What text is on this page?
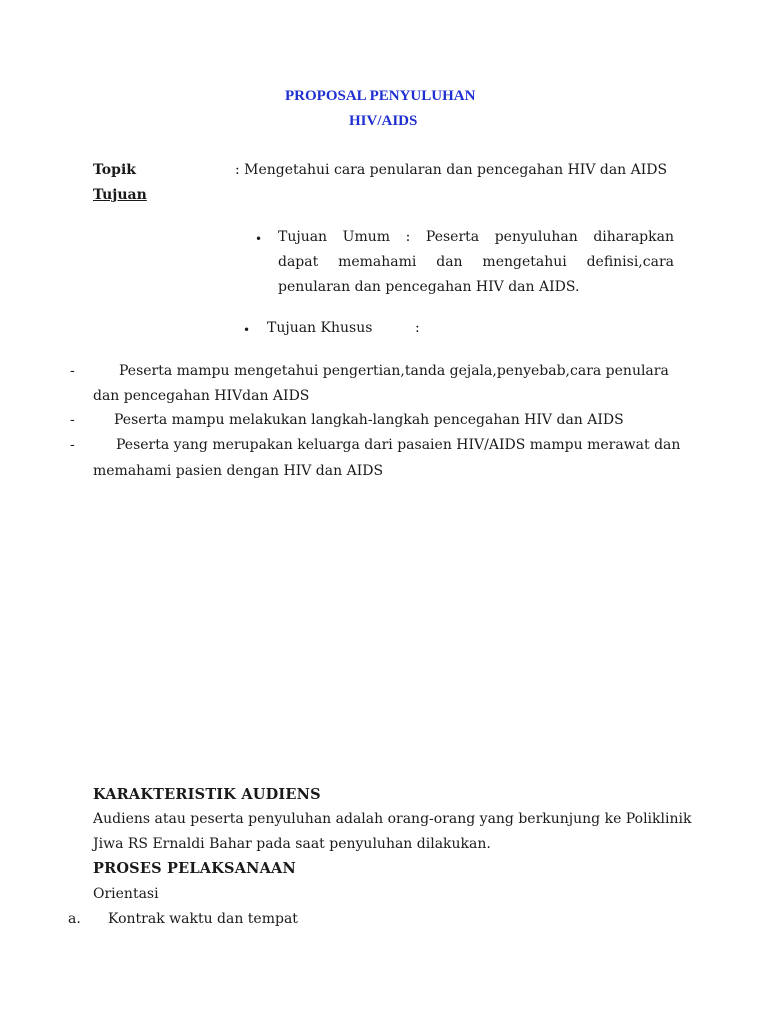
PROPOSAL PENYULUHAN
HIV/AIDS
Topik	: Mengetahui cara penularan dan pencegahan HIV dan AIDS
Tujuan
• Tujuan Umum : Peserta penyuluhan diharapkan
dapat memahami dan mengetahui definisi,cara
penularan dan pencegahan HIV dan AIDS.
• Tujuan Khusus	:
-	Peserta mampu mengetahui pengertian,tanda gejala,penyebab,cara penulara
dan pencegahan HIVdan AIDS
-	Peserta mampu melakukan langkah-langkah pencegahan HIV dan AIDS
-	Peserta yang merupakan keluarga dari pasaien HIV/AIDS mampu merawat dan
memahami pasien dengan HIV dan AIDS
KARAKTERISTIK AUDIENS
Audiens atau peserta penyuluhan adalah orang-orang yang berkunjung ke Poliklinik
Jiwa RS Ernaldi Bahar pada saat penyuluhan dilakukan.
PROSES PELAKSANAAN
Orientasi
a. Kontrak waktu dan tempat
